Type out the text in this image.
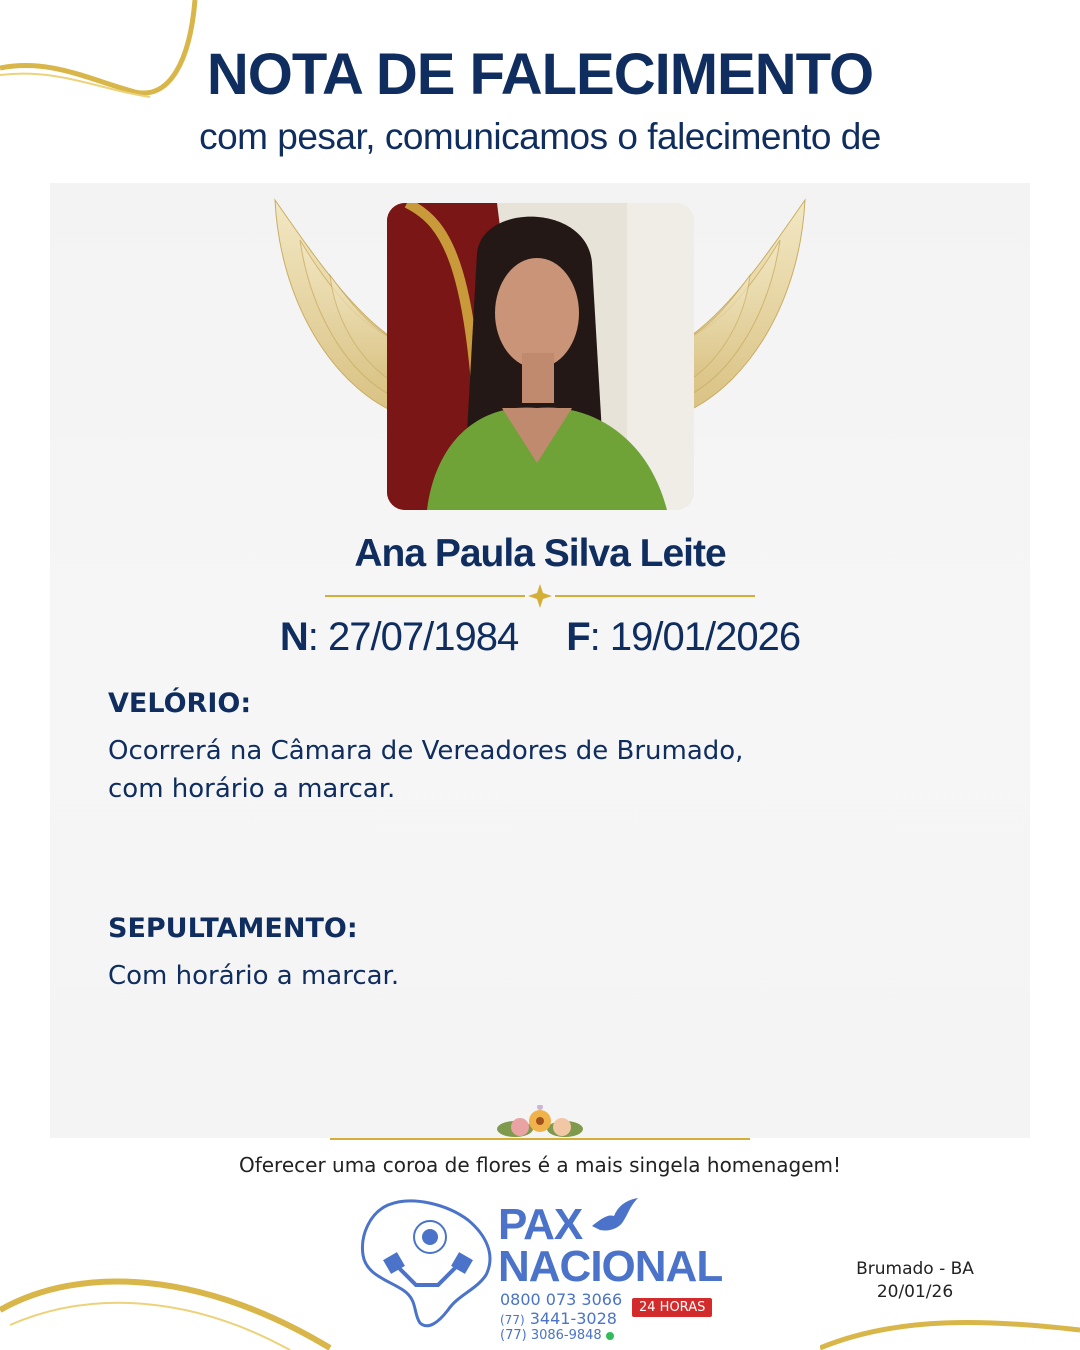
NOTA DE FALECIMENTO
com pesar, comunicamos o falecimento de
Ana Paula Silva Leite
N: 27/07/1984 F: 19/01/2026
VELÓRIO:
Ocorrerá na Câmara de Vereadores de Brumado,
com horário a marcar.
SEPULTAMENTO:
Com horário a marcar.
Oferecer uma coroa de flores é a mais singela homenagem!
PAX
NACIONAL
0800 073 3066
(77) 3441-3028
(77) 3086-9848
24 HORAS
Brumado - BA
20/01/26
